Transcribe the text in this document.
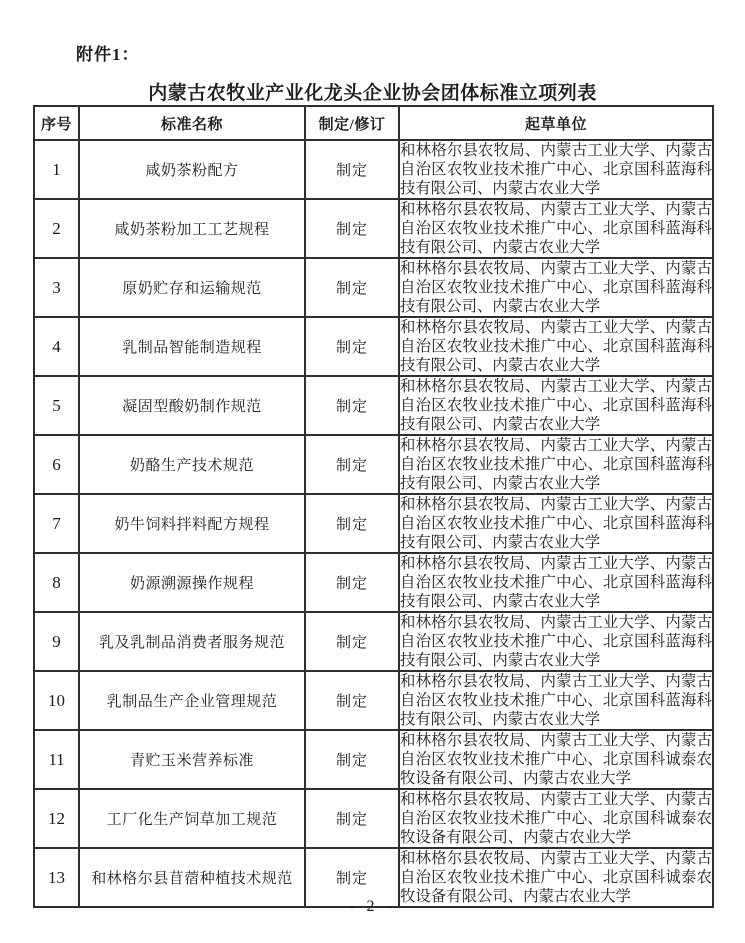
附件1：
内蒙古农牧业产业化龙头企业协会团体标准立项列表
序号	标准名称	制定/修订	起草单位
1	咸奶茶粉配方	制定	和林格尔县农牧局、内蒙古工业大学、内蒙古自治区农牧业技术推广中心、北京国科蓝海科技有限公司、内蒙古农业大学
2	咸奶茶粉加工工艺规程	制定	和林格尔县农牧局、内蒙古工业大学、内蒙古自治区农牧业技术推广中心、北京国科蓝海科技有限公司、内蒙古农业大学
3	原奶贮存和运输规范	制定	和林格尔县农牧局、内蒙古工业大学、内蒙古自治区农牧业技术推广中心、北京国科蓝海科技有限公司、内蒙古农业大学
4	乳制品智能制造规程	制定	和林格尔县农牧局、内蒙古工业大学、内蒙古自治区农牧业技术推广中心、北京国科蓝海科技有限公司、内蒙古农业大学
5	凝固型酸奶制作规范	制定	和林格尔县农牧局、内蒙古工业大学、内蒙古自治区农牧业技术推广中心、北京国科蓝海科技有限公司、内蒙古农业大学
6	奶酪生产技术规范	制定	和林格尔县农牧局、内蒙古工业大学、内蒙古自治区农牧业技术推广中心、北京国科蓝海科技有限公司、内蒙古农业大学
7	奶牛饲料拌料配方规程	制定	和林格尔县农牧局、内蒙古工业大学、内蒙古自治区农牧业技术推广中心、北京国科蓝海科技有限公司、内蒙古农业大学
8	奶源溯源操作规程	制定	和林格尔县农牧局、内蒙古工业大学、内蒙古自治区农牧业技术推广中心、北京国科蓝海科技有限公司、内蒙古农业大学
9	乳及乳制品消费者服务规范	制定	和林格尔县农牧局、内蒙古工业大学、内蒙古自治区农牧业技术推广中心、北京国科蓝海科技有限公司、内蒙古农业大学
10	乳制品生产企业管理规范	制定	和林格尔县农牧局、内蒙古工业大学、内蒙古自治区农牧业技术推广中心、北京国科蓝海科技有限公司、内蒙古农业大学
11	青贮玉米营养标准	制定	和林格尔县农牧局、内蒙古工业大学、内蒙古自治区农牧业技术推广中心、北京国科诚泰农牧设备有限公司、内蒙古农业大学
12	工厂化生产饲草加工规范	制定	和林格尔县农牧局、内蒙古工业大学、内蒙古自治区农牧业技术推广中心、北京国科诚泰农牧设备有限公司、内蒙古农业大学
13	和林格尔县苜蓿种植技术规范	制定	和林格尔县农牧局、内蒙古工业大学、内蒙古自治区农牧业技术推广中心、北京国科诚泰农牧设备有限公司、内蒙古农业大学
- 2 -
